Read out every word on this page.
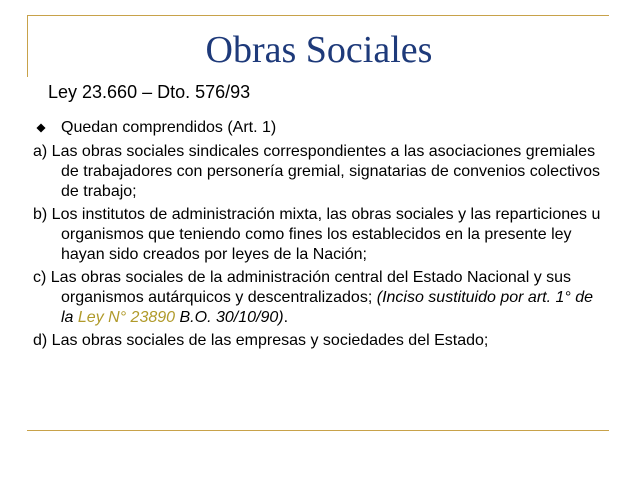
Obras Sociales
Ley 23.660 – Dto. 576/93
Quedan comprendidos (Art. 1)
a) Las obras sociales sindicales correspondientes a las asociaciones gremiales de trabajadores con personería gremial, signatarias de convenios colectivos de trabajo;
b) Los institutos de administración mixta, las obras sociales y las reparticiones u organismos que teniendo como fines los establecidos en la presente ley hayan sido creados por leyes de la Nación;
c) Las obras sociales de la administración central del Estado Nacional y sus organismos autárquicos y descentralizados; (Inciso sustituido por art. 1° de la Ley N° 23890 B.O. 30/10/90).
d) Las obras sociales de las empresas y sociedades del Estado;
